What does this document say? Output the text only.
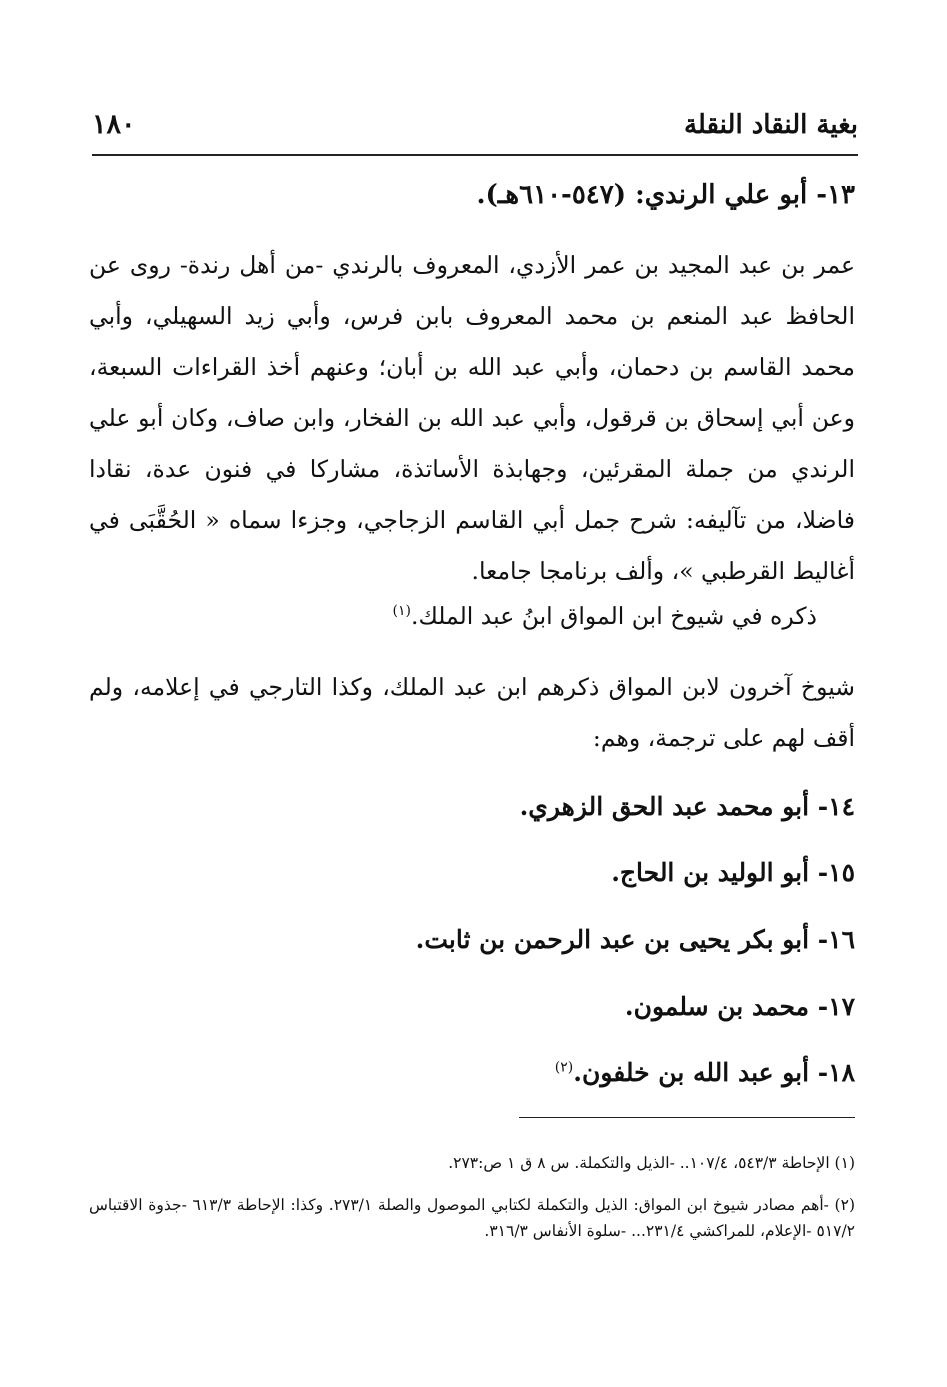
بغية النقاد النقلة
١٨٠
١٣- أبو علي الرندي: (٥٤٧-٦١٠هـ).
عمر بن عبد المجيد بن عمر الأزدي، المعروف بالرندي -من أهل رندة- روى عن الحافظ عبد المنعم بن محمد المعروف بابن فرس، وأبي زيد السهيلي، وأبي محمد القاسم بن دحمان، وأبي عبد الله بن أبان؛ وعنهم أخذ القراءات السبعة، وعن أبي إسحاق بن قرقول، وأبي عبد الله بن الفخار، وابن صاف، وكان أبو علي الرندي من جملة المقرئين، وجهابذة الأساتذة، مشاركا في فنون عدة، نقادا فاضلا، من تآليفه: شرح جمل أبي القاسم الزجاجي، وجزءا سماه « الحُقَّبَى في أغاليط القرطبي »، وألف برنامجا جامعا.
ذكره في شيوخ ابن المواق ابنُ عبد الملك.$^{(١)}$
شيوخ آخرون لابن المواق ذكرهم ابن عبد الملك، وكذا التارجي في إعلامه، ولم أقف لهم على ترجمة، وهم:
١٤- أبو محمد عبد الحق الزهري.
١٥- أبو الوليد بن الحاج.
١٦- أبو بكر يحيى بن عبد الرحمن بن ثابت.
١٧- محمد بن سلمون.
١٨- أبو عبد الله بن خلفون.$^{(٢)}$
(١) الإحاطة ٥٤٣/٣، ١٠٧/٤.. -الذيل والتكملة. س ٨ ق ١ ص:٢٧٣.
(٢) -أهم مصادر شيوخ ابن المواق: الذيل والتكملة لكتابي الموصول والصلة ٢٧٣/١. وكذا: الإحاطة ٦١٣/٣ -جذوة الاقتباس ٥١٧/٢ -الإعلام، للمراكشي ٢٣١/٤... -سلوة الأنفاس ٣١٦/٣.
